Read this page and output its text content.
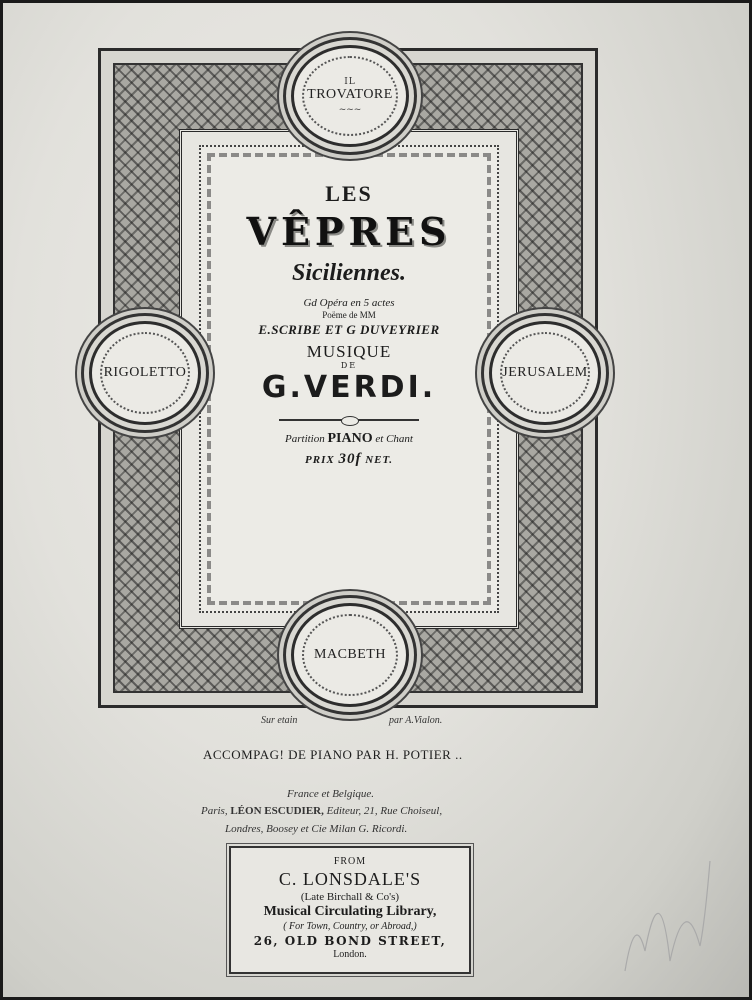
IL
TROVATORE
~~~
RIGOLETTO	JERUSALEM
MACBETH
LES
VÊPRES
Siciliennes.
Gd Opéra en 5 actes
Poëme de MM
E.SCRIBE ET G DUVEYRIER
MUSIQUE
DE
G.VERDI.
Partition PIANO et Chant
PRIX 30f NET.
Sur etain	par A.Vialon.
ACCOMPAG! DE PIANO PAR H. POTIER ..
France et Belgique.
Paris, LÉON ESCUDIER, Editeur, 21, Rue Choiseul,
Londres, Boosey et Cie Milan G. Ricordi.
FROM
C. LONSDALE'S
(Late Birchall & Co's)
Musical Circulating Library,
( For Town, Country, or Abroad,)
26, OLD BOND STREET,
London.
